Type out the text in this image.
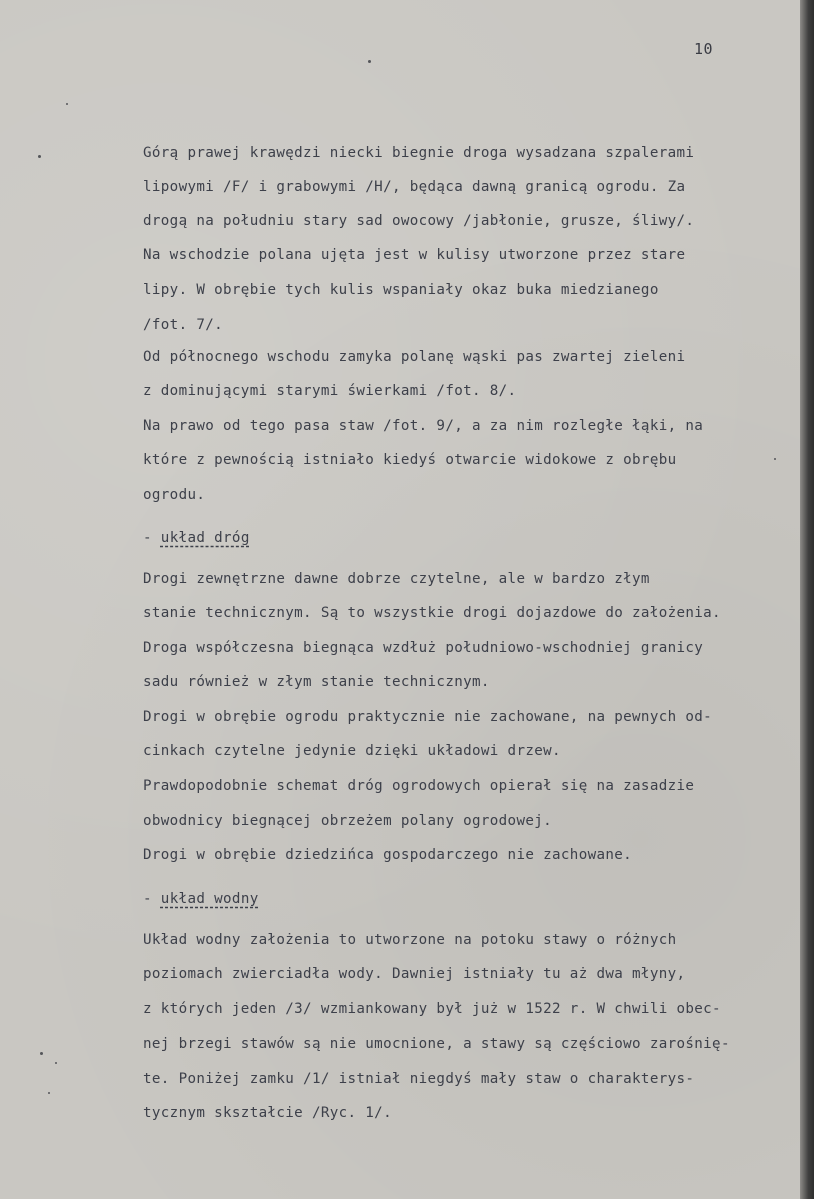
10
Górą prawej krawędzi niecki biegnie droga wysadzana szpalerami
lipowymi /F/ i grabowymi /H/, będąca dawną granicą ogrodu. Za
drogą na południu stary sad owocowy /jabłonie, grusze, śliwy/.
Na wschodzie polana ujęta jest w kulisy utworzone przez stare
lipy. W obrębie tych kulis wspaniały okaz buka miedzianego
/fot. 7/.
Od północnego wschodu zamyka polanę wąski pas zwartej zieleni
z dominującymi starymi świerkami /fot. 8/.
Na prawo od tego pasa staw /fot. 9/, a za nim rozległe łąki, na
które z pewnością istniało kiedyś otwarcie widokowe z obrębu
ogrodu.
- układ dróg
Drogi zewnętrzne dawne dobrze czytelne, ale w bardzo złym
stanie technicznym. Są to wszystkie drogi dojazdowe do założenia.
Droga współczesna biegnąca wzdłuż południowo-wschodniej granicy
sadu również w złym stanie technicznym.
Drogi w obrębie ogrodu praktycznie nie zachowane, na pewnych od-
cinkach czytelne jedynie dzięki układowi drzew.
Prawdopodobnie schemat dróg ogrodowych opierał się na zasadzie
obwodnicy biegnącej obrzeżem polany ogrodowej.
Drogi w obrębie dziedzińca gospodarczego nie zachowane.
- układ wodny
Układ wodny założenia to utworzone na potoku stawy o różnych
poziomach zwierciadła wody. Dawniej istniały tu aż dwa młyny,
z których jeden /3/ wzmiankowany był już w 1522 r. W chwili obec-
nej brzegi stawów są nie umocnione, a stawy są częściowo zarośnię-
te. Poniżej zamku /1/ istniał niegdyś mały staw o charakterys-
tycznym skształcie /Ryc. 1/.
